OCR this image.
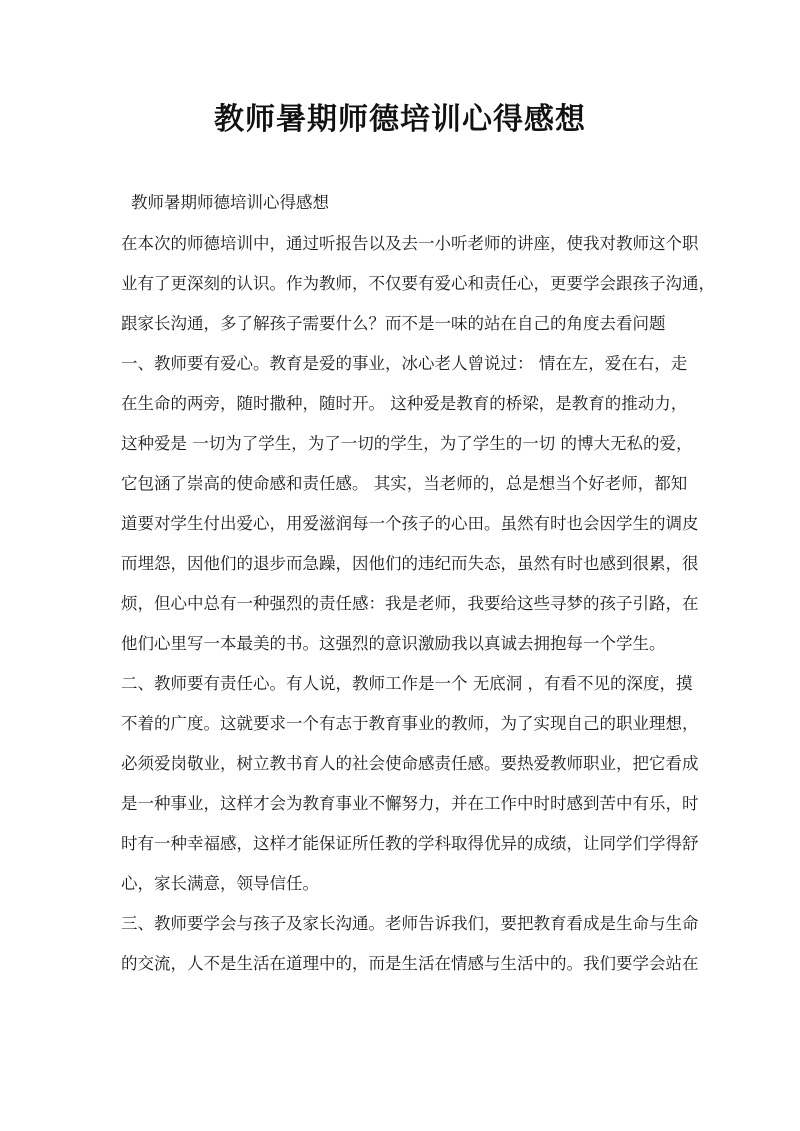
教师暑期师德培训心得感想
教师暑期师德培训心得感想
在本次的师德培训中，通过听报告以及去一小听老师的讲座，使我对教师这个职
业有了更深刻的认识。作为教师，不仅要有爱心和责任心，更要学会跟孩子沟通，
跟家长沟通，多了解孩子需要什么？而不是一味的站在自己的角度去看问题
一、教师要有爱心。教育是爱的事业，冰心老人曾说过： 情在左，爱在右，走
在生命的两旁，随时撒种，随时开。 这种爱是教育的桥梁，是教育的推动力，
这种爱是 一切为了学生，为了一切的学生，为了学生的一切 的博大无私的爱，
它包涵了崇高的使命感和责任感。 其实，当老师的，总是想当个好老师，都知
道要对学生付出爱心，用爱滋润每一个孩子的心田。虽然有时也会因学生的调皮
而埋怨，因他们的退步而急躁，因他们的违纪而失态，虽然有时也感到很累，很
烦，但心中总有一种强烈的责任感：我是老师，我要给这些寻梦的孩子引路，在
他们心里写一本最美的书。这强烈的意识激励我以真诚去拥抱每一个学生。
二、教师要有责任心。有人说，教师工作是一个 无底洞 ，有看不见的深度，摸
不着的广度。这就要求一个有志于教育事业的教师，为了实现自己的职业理想，
必须爱岗敬业，树立教书育人的社会使命感责任感。要热爱教师职业，把它看成
是一种事业，这样才会为教育事业不懈努力，并在工作中时时感到苦中有乐，时
时有一种幸福感，这样才能保证所任教的学科取得优异的成绩，让同学们学得舒
心，家长满意，领导信任。
三、教师要学会与孩子及家长沟通。老师告诉我们，要把教育看成是生命与生命
的交流，人不是生活在道理中的，而是生活在情感与生活中的。我们要学会站在
